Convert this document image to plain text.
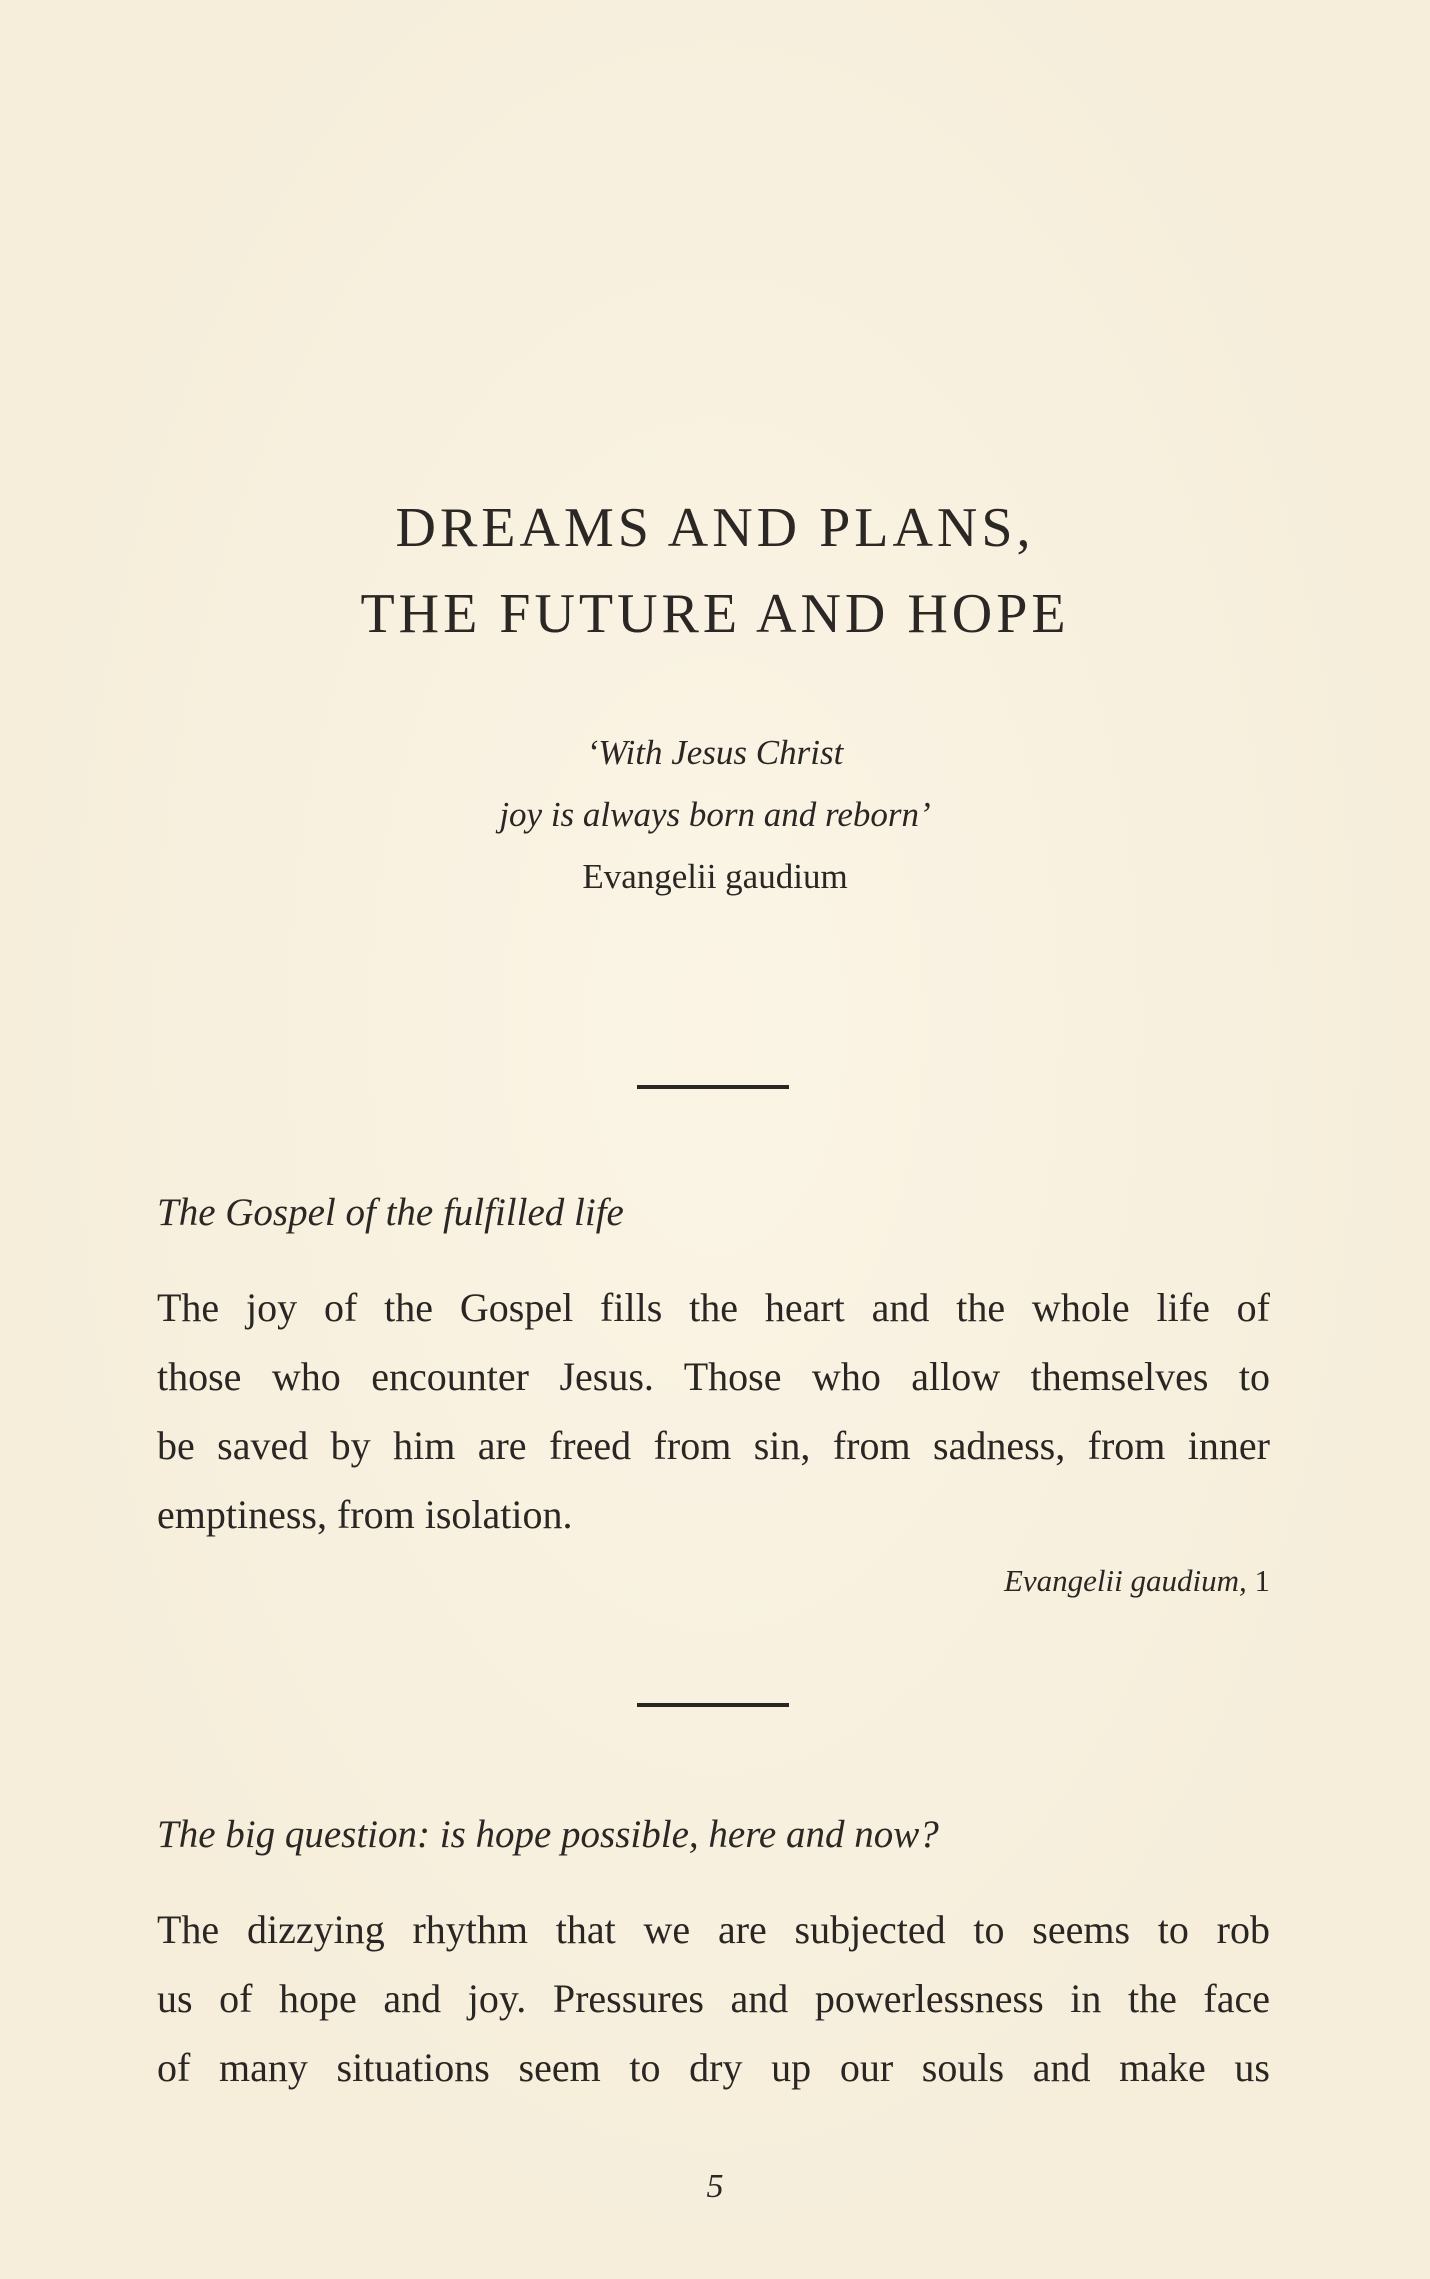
DREAMS AND PLANS,
THE FUTURE AND HOPE
‘With Jesus Christ
joy is always born and reborn’
Evangelii gaudium
The Gospel of the fulfilled life
The joy of the Gospel fills the heart and the whole life of
those who encounter Jesus. Those who allow themselves to
be saved by him are freed from sin, from sadness, from inner
emptiness, from isolation.
Evangelii gaudium, 1
The big question: is hope possible, here and now?
The dizzying rhythm that we are subjected to seems to rob
us of hope and joy. Pressures and powerlessness in the face
of many situations seem to dry up our souls and make us
5
